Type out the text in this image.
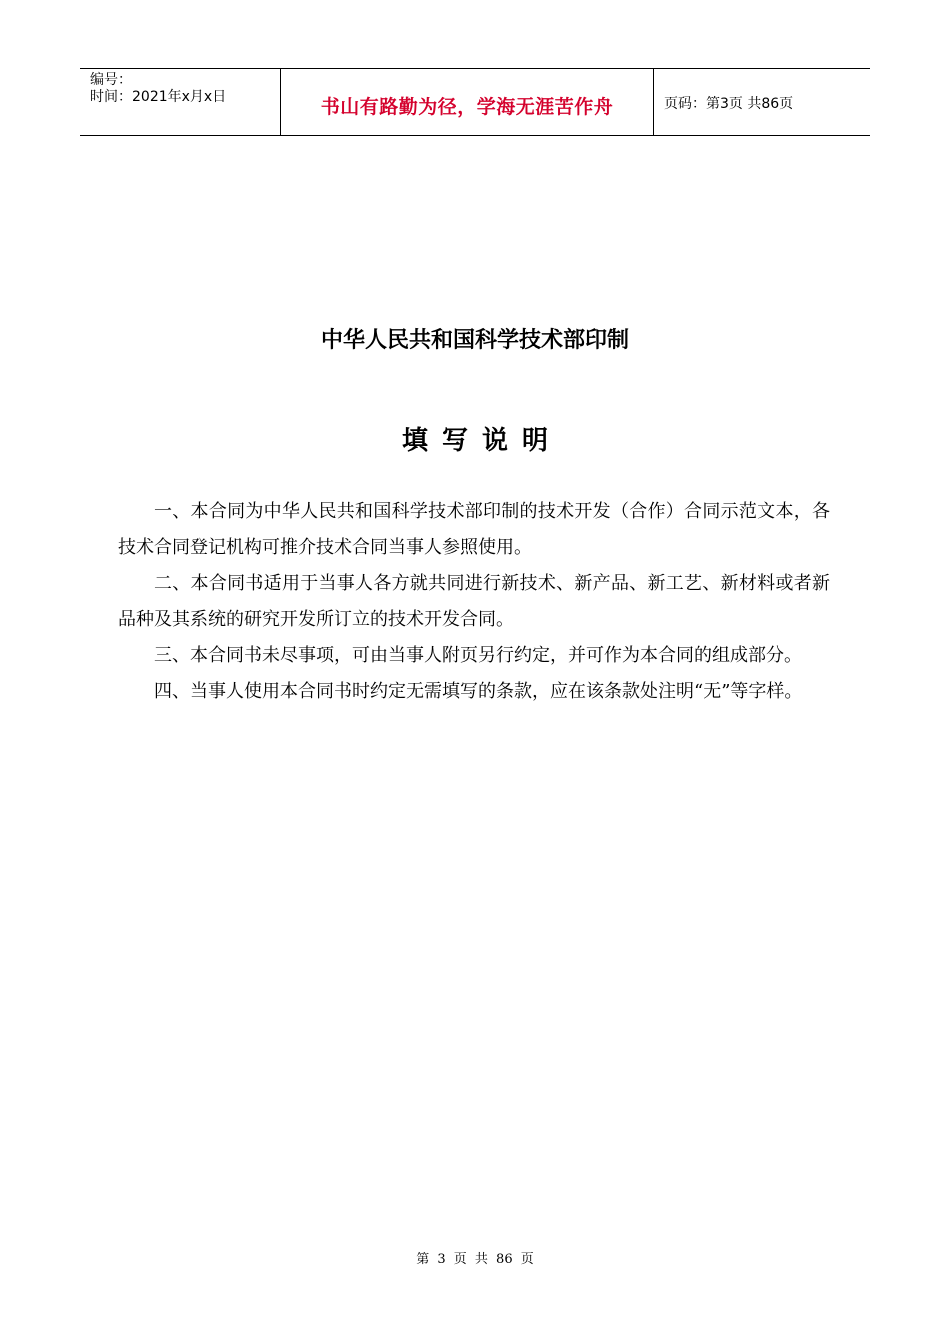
编号：
时间：2021年x月x日	书山有路勤为径，学海无涯苦作舟	页码：第3页 共86页
中华人民共和国科学技术部印制
填写说明

一、本合同为中华人民共和国科学技术部印制的技术开发（合作）合同示范文本，各技术合同登记机构可推介技术合同当事人参照使用。

二、本合同书适用于当事人各方就共同进行新技术、新产品、新工艺、新材料或者新品种及其系统的研究开发所订立的技术开发合同。

三、本合同书未尽事项，可由当事人附页另行约定，并可作为本合同的组成部分。

四、当事人使用本合同书时约定无需填写的条款，应在该条款处注明“无”等字样。

第 3 页 共 86 页
